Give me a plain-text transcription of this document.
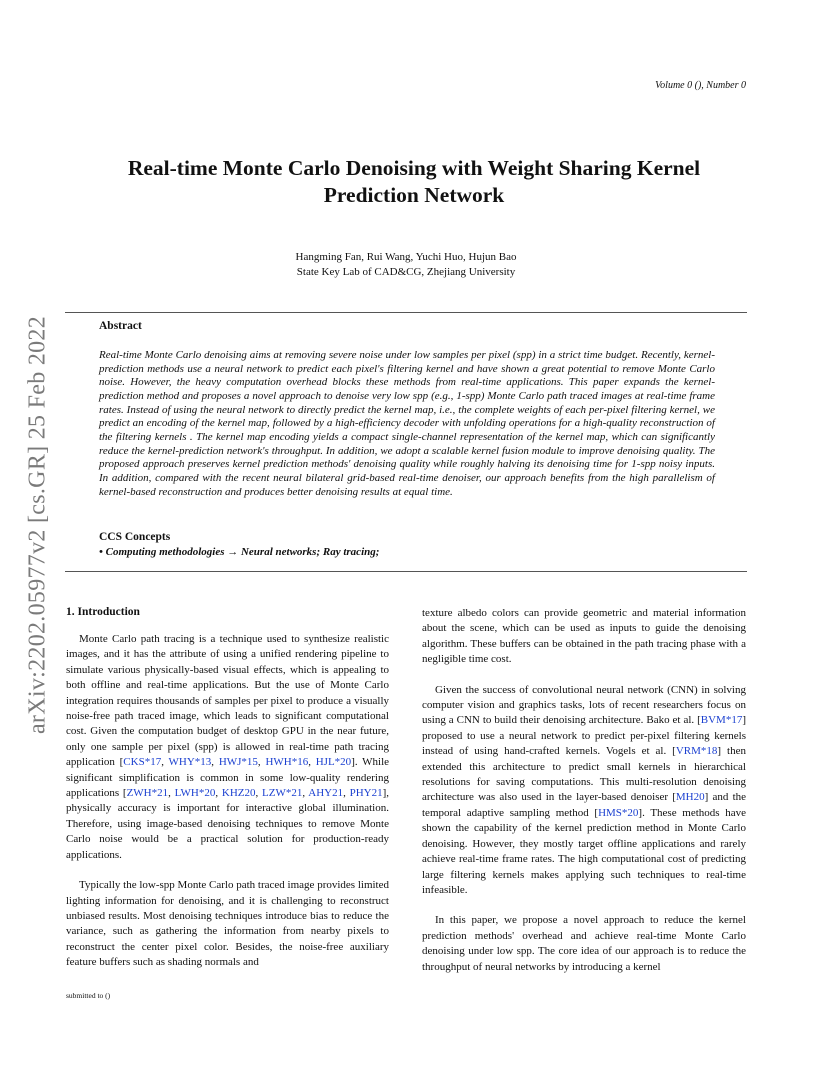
Volume 0 (), Number 0
Real-time Monte Carlo Denoising with Weight Sharing Kernel
Prediction Network
Hangming Fan, Rui Wang, Yuchi Huo, Hujun Bao
State Key Lab of CAD&CG, Zhejiang University
arXiv:2202.05977v2 [cs.GR] 25 Feb 2022	Abstract
Real-time Monte Carlo denoising aims at removing severe noise under low samples per pixel (spp) in a strict time budget. Recently, kernel-prediction methods use a neural network to predict each pixel's filtering kernel and have shown a great potential to remove Monte Carlo noise. However, the heavy computation overhead blocks these methods from real-time applications. This paper expands the kernel-prediction method and proposes a novel approach to denoise very low spp (e.g., 1-spp) Monte Carlo path traced images at real-time frame rates. Instead of using the neural network to directly predict the kernel map, i.e., the complete weights of each per-pixel filtering kernel, we predict an encoding of the kernel map, followed by a high-efficiency decoder with unfolding operations for a high-quality reconstruction of the filtering kernels . The kernel map encoding yields a compact single-channel representation of the kernel map, which can significantly reduce the kernel-prediction network's throughput. In addition, we adopt a scalable kernel fusion module to improve denoising quality. The proposed approach preserves kernel prediction methods' denoising quality while roughly halving its denoising time for 1-spp noisy inputs. In addition, compared with the recent neural bilateral grid-based real-time denoiser, our approach benefits from the high parallelism of kernel-based reconstruction and produces better denoising results at equal time.
CCS Concepts
• Computing methodologies → Neural networks; Ray tracing;
1. Introduction

Monte Carlo path tracing is a technique used to synthesize realistic images, and it has the attribute of using a unified rendering pipeline to simulate various physically-based visual effects, which is appealing to both offline and real-time applications. But the use of Monte Carlo integration requires thousands of samples per pixel to produce a visually noise-free path traced image, which leads to significant computational cost. Given the computation budget of desktop GPU in the near future, only one sample per pixel (spp) is allowed in real-time path tracing application [CKS*17, WHY*13, HWJ*15, HWH*16, HJL*20]. While significant simplification is common in some low-quality rendering applications [ZWH*21, LWH*20, KHZ20, LZW*21, AHY21, PHY21], physically accuracy is important for interactive global illumination. Therefore, using image-based denoising techniques to remove Monte Carlo noise would be a practical solution for production-ready applications.

Typically the low-spp Monte Carlo path traced image provides limited lighting information for denoising, and it is challenging to reconstruct unbiased results. Most denoising techniques introduce bias to reduce the variance, such as gathering the information from nearby pixels to reconstruct the center pixel color. Besides, the noise-free auxiliary feature buffers such as shading normals and

texture albedo colors can provide geometric and material information about the scene, which can be used as inputs to guide the denoising algorithm. These buffers can be obtained in the path tracing phase with a negligible time cost.

Given the success of convolutional neural network (CNN) in solving computer vision and graphics tasks, lots of recent researchers focus on using a CNN to build their denoising architecture. Bako et al. [BVM*17] proposed to use a neural network to predict per-pixel filtering kernels instead of using hand-crafted kernels. Vogels et al. [VRM*18] then extended this architecture to predict small kernels in hierarchical resolutions for saving computations. This multi-resolution denoising architecture was also used in the layer-based denoiser [MH20] and the temporal adaptive sampling method [HMS*20]. These methods have shown the capability of the kernel prediction method in Monte Carlo denoising. However, they mostly target offline applications and rarely achieve real-time frame rates. The high computational cost of predicting large filtering kernels makes applying such techniques to real-time infeasible.

In this paper, we propose a novel approach to reduce the kernel prediction methods' overhead and achieve real-time Monte Carlo denoising under low spp. The core idea of our approach is to reduce the throughput of neural networks by introducing a kernel

submitted to ()
